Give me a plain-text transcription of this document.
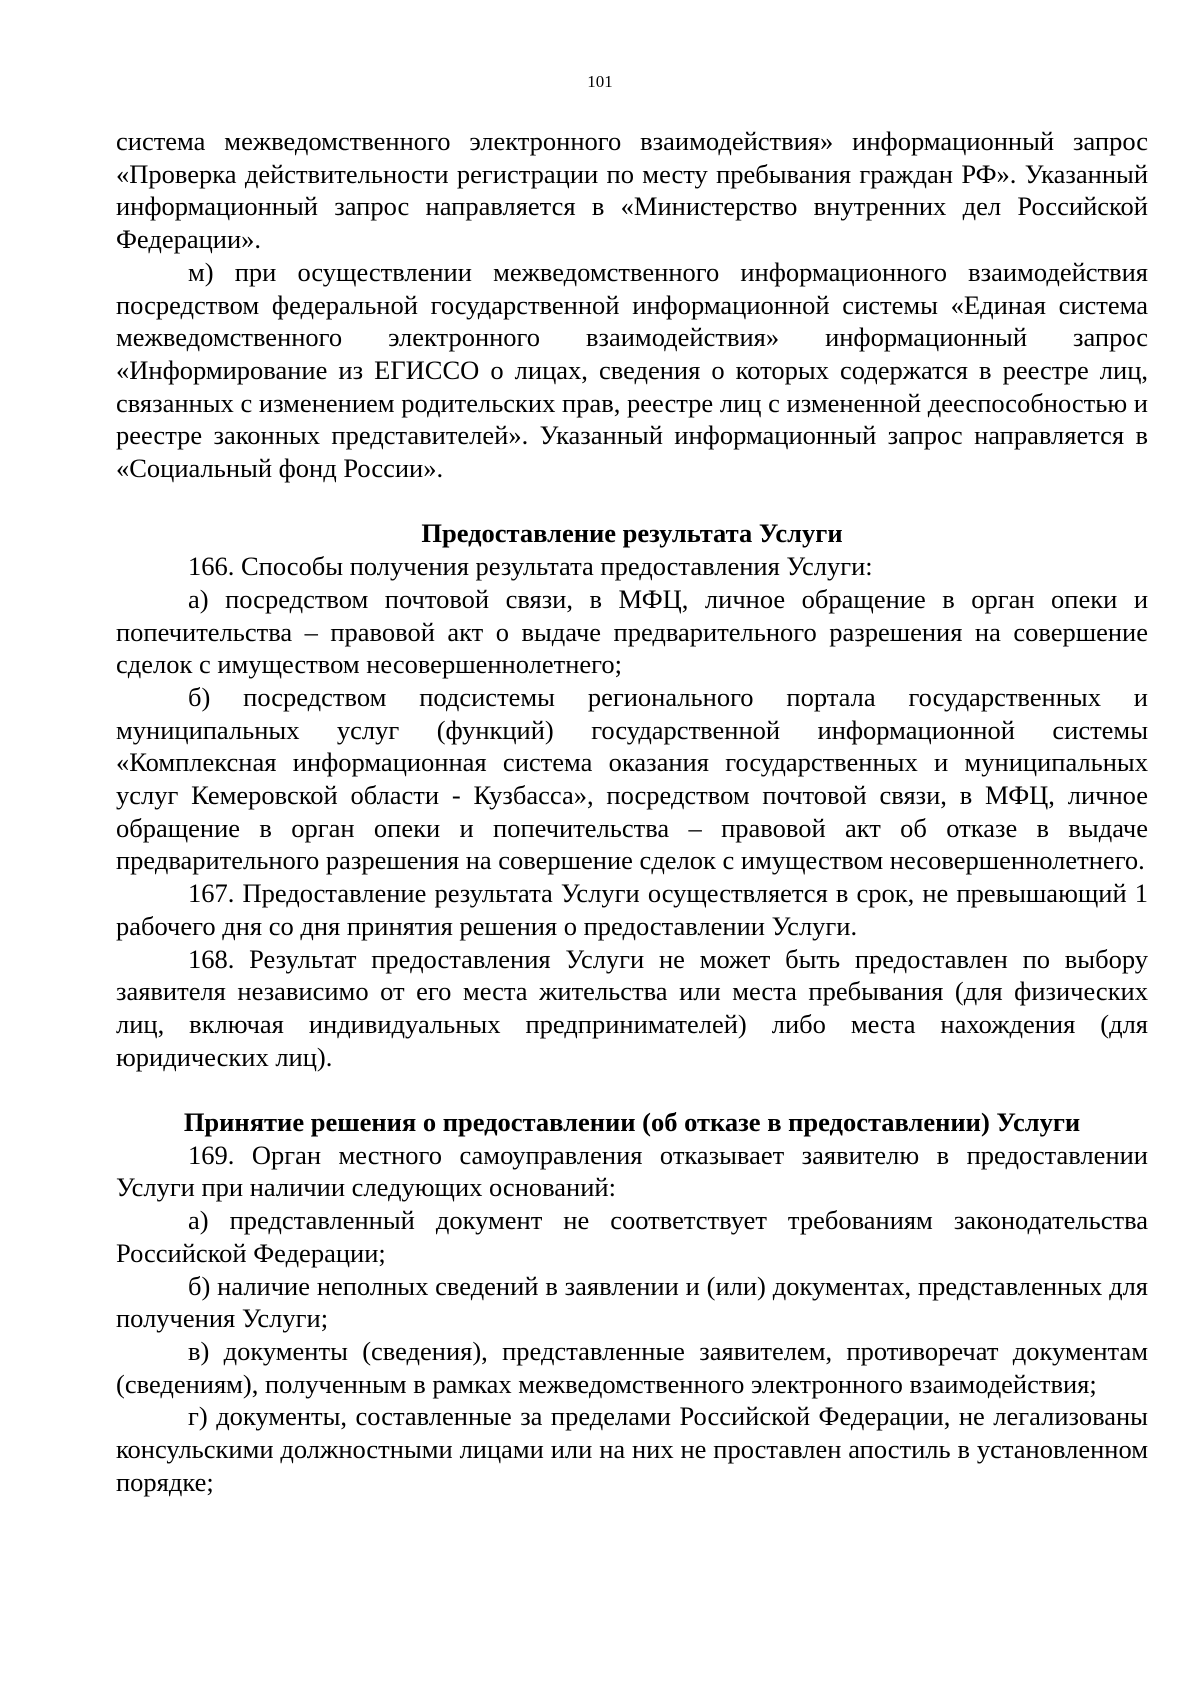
101

система межведомственного электронного взаимодействия» информационный запрос «Проверка действительности регистрации по месту пребывания граждан РФ». Указанный информационный запрос направляется в «Министерство внутренних дел Российской Федерации».

м) при осуществлении межведомственного информационного взаимодействия посредством федеральной государственной информационной системы «Единая система межведомственного электронного взаимодействия» информационный запрос «Информирование из ЕГИССО о лицах, сведения о которых содержатся в реестре лиц, связанных с изменением родительских прав, реестре лиц с измененной дееспособностью и реестре законных представителей». Указанный информационный запрос направляется в «Социальный фонд России».

Предоставление результата Услуги

166. Способы получения результата предоставления Услуги:

а) посредством почтовой связи, в МФЦ, личное обращение в орган опеки и попечительства – правовой акт о выдаче предварительного разрешения на совершение сделок с имуществом несовершеннолетнего;

б) посредством подсистемы регионального портала государственных и муниципальных услуг (функций) государственной информационной системы «Комплексная информационная система оказания государственных и муниципальных услуг Кемеровской области - Кузбасса», посредством почтовой связи, в МФЦ, личное обращение в орган опеки и попечительства – правовой акт об отказе в выдаче предварительного разрешения на совершение сделок с имуществом несовершеннолетнего.

167. Предоставление результата Услуги осуществляется в срок, не превышающий 1 рабочего дня со дня принятия решения о предоставлении Услуги.

168. Результат предоставления Услуги не может быть предоставлен по выбору заявителя независимо от его места жительства или места пребывания (для физических лиц, включая индивидуальных предпринимателей) либо места нахождения (для юридических лиц).

Принятие решения о предоставлении (об отказе в предоставлении) Услуги

169. Орган местного самоуправления отказывает заявителю в предоставлении Услуги при наличии следующих оснований:

а) представленный документ не соответствует требованиям законодательства Российской Федерации;

б) наличие неполных сведений в заявлении и (или) документах, представленных для получения Услуги;

в) документы (сведения), представленные заявителем, противоречат документам (сведениям), полученным в рамках межведомственного электронного взаимодействия;

г) документы, составленные за пределами Российской Федерации, не легализованы консульскими должностными лицами или на них не проставлен апостиль в установленном порядке;
